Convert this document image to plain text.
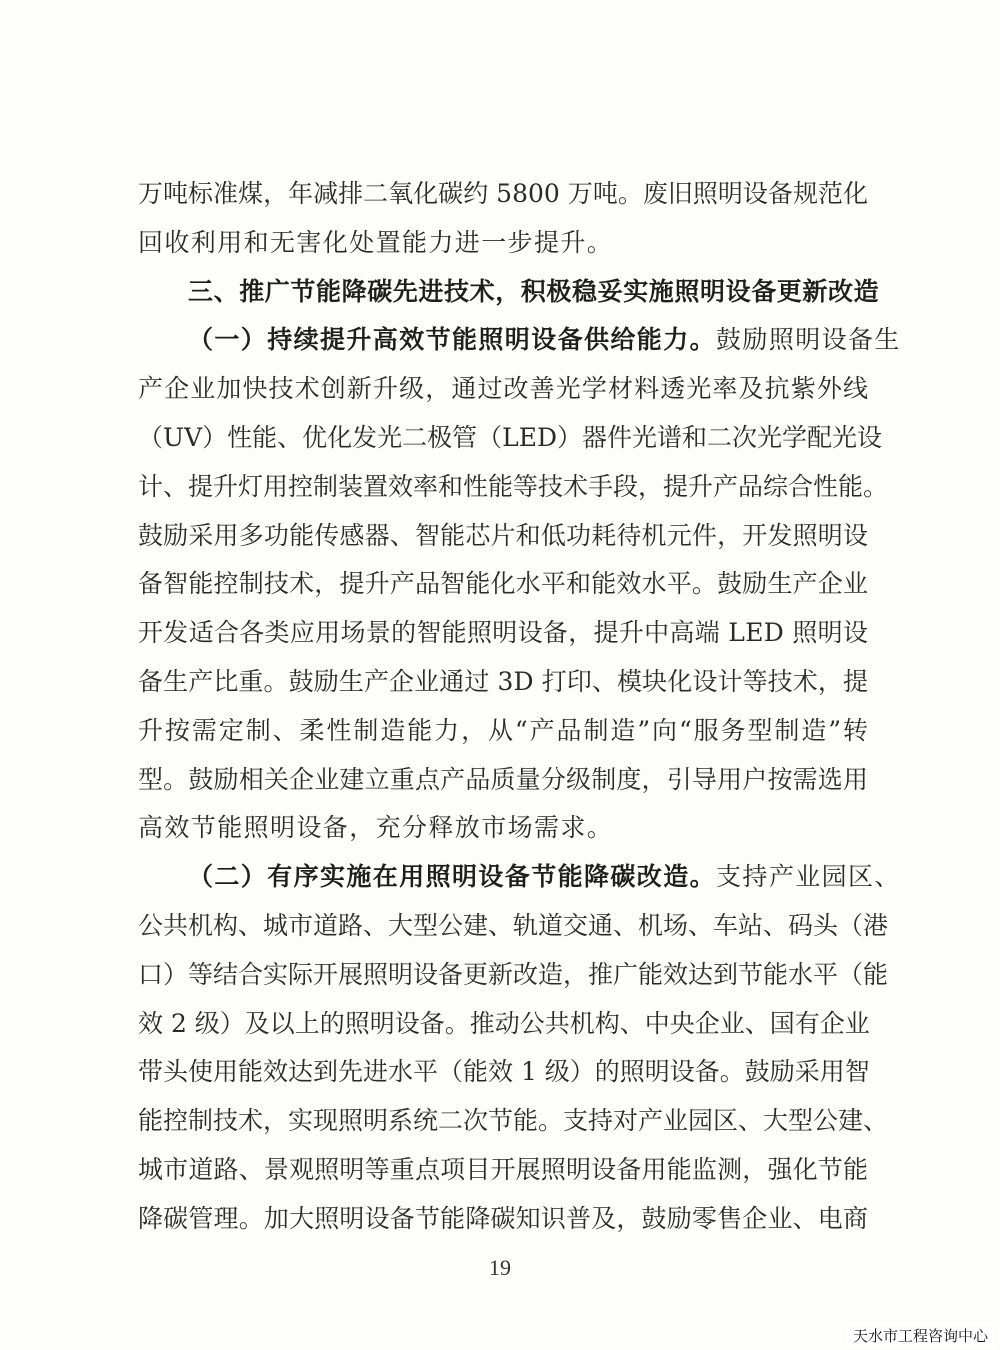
万吨标准煤，年减排二氧化碳约 5800 万吨。废旧照明设备规范化
回收利用和无害化处置能力进一步提升。
三、推广节能降碳先进技术，积极稳妥实施照明设备更新改造
（一）持续提升高效节能照明设备供给能力。 鼓励照明设备生
产企业加快技术创新升级，通过改善光学材料透光率及抗紫外线
（UV）性能、优化发光二极管（LED）器件光谱和二次光学配光设
计、提升灯用控制装置效率和性能等技术手段，提升产品综合性能。
鼓励采用多功能传感器、智能芯片和低功耗待机元件，开发照明设
备智能控制技术，提升产品智能化水平和能效水平。鼓励生产企业
开发适合各类应用场景的智能照明设备，提升中高端 LED 照明设
备生产比重。鼓励生产企业通过 3D 打印、模块化设计等技术，提
升按需定制、柔性制造能力，从“产品制造”向“服务型制造”转
型。鼓励相关企业建立重点产品质量分级制度，引导用户按需选用
高效节能照明设备，充分释放市场需求。
（二）有序实施在用照明设备节能降碳改造。 支持产业园区、
公共机构、城市道路、大型公建、轨道交通、机场、车站、码头（港
口）等结合实际开展照明设备更新改造，推广能效达到节能水平（能
效 2 级）及以上的照明设备。推动公共机构、中央企业、国有企业
带头使用能效达到先进水平（能效 1 级）的照明设备。鼓励采用智
能控制技术，实现照明系统二次节能。支持对产业园区、大型公建、
城市道路、景观照明等重点项目开展照明设备用能监测，强化节能
降碳管理。加大照明设备节能降碳知识普及，鼓励零售企业、电商
19
天水市工程咨询中心
